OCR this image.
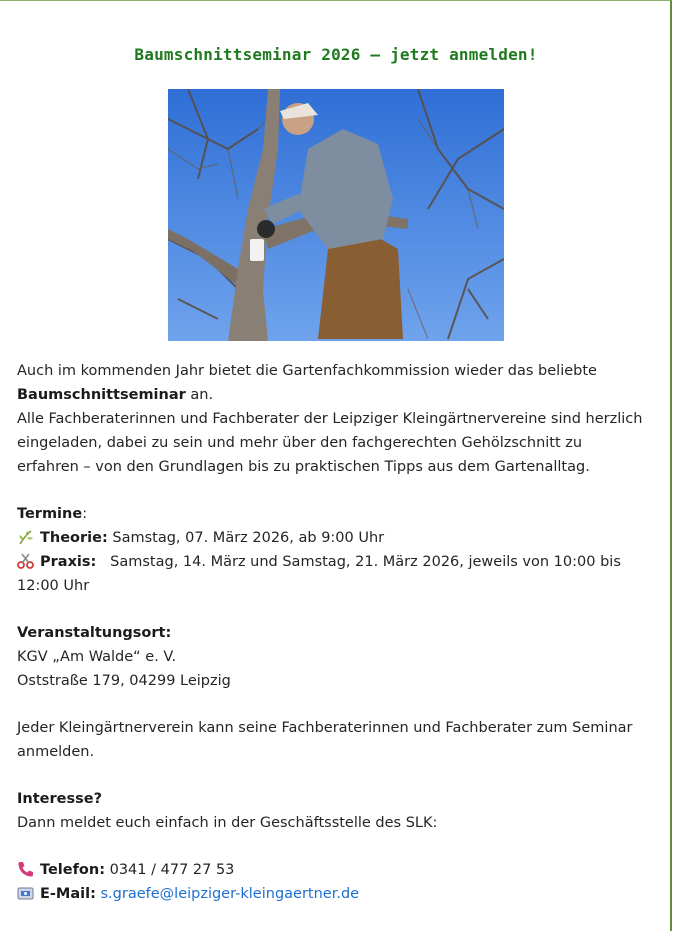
Baumschnittseminar 2026 – jetzt anmelden!

Auch im kommenden Jahr bietet die Gartenfachkommission wieder das beliebte
Baumschnittseminar an.
Alle Fachberaterinnen und Fachberater der Leipziger Kleingärtnervereine sind herzlich eingeladen, dabei zu sein und mehr über den fachgerechten Gehölzschnitt zu erfahren – von den Grundlagen bis zu praktischen Tipps aus dem Gartenalltag.

Termine:
Theorie: Samstag, 07. März 2026, ab 9:00 Uhr
Praxis:   Samstag, 14. März und Samstag, 21. März 2026, jeweils von 10:00 bis 12:00 Uhr

Veranstaltungsort:
KGV „Am Walde“ e. V.
Oststraße 179, 04299 Leipzig

Jeder Kleingärtnerverein kann seine Fachberaterinnen und Fachberater zum Seminar anmelden.

Interesse?
Dann meldet euch einfach in der Geschäftsstelle des SLK:

Telefon: 0341 / 477 27 53
E-Mail: s.graefe@leipziger-kleingaertner.de
